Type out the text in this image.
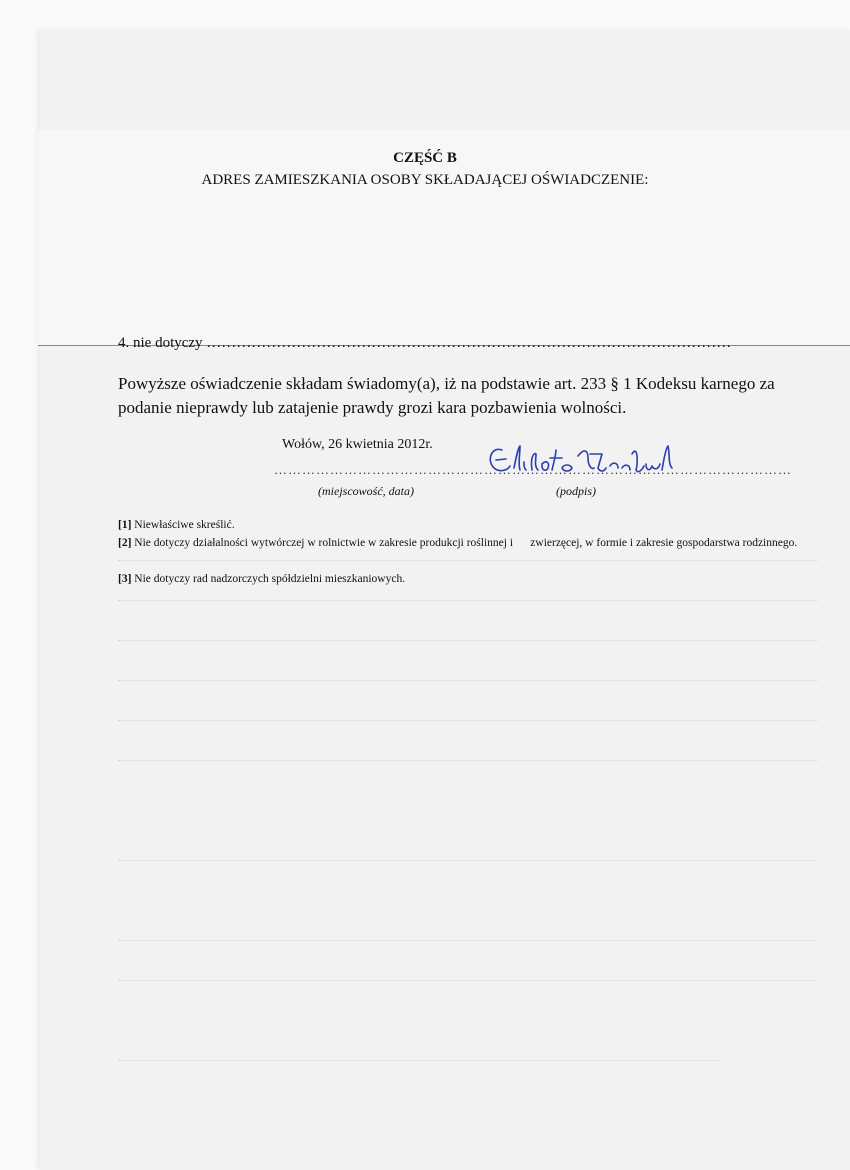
CZĘŚĆ B
ADRES ZAMIESZKANIA OSOBY SKŁADAJĄCEJ OŚWIADCZENIE:
4. nie dotyczy ……………………………………………………………………………………………
Powyższe oświadczenie składam świadomy(a), iż na podstawie art. 233 § 1 Kodeksu karnego za podanie nieprawdy lub zatajenie prawdy grozi kara pozbawienia wolności.
Wołów, 26 kwietnia 2012r.
…………………………………………………………………………………………………
(miejscowość, data)	(podpis)
[1] Niewłaściwe skreślić.
[2] Nie dotyczy działalności wytwórczej w rolnictwie w zakresie produkcji roślinnej i      zwierzęcej, w formie i zakresie gospodarstwa rodzinnego.
[3] Nie dotyczy rad nadzorczych spółdzielni mieszkaniowych.
